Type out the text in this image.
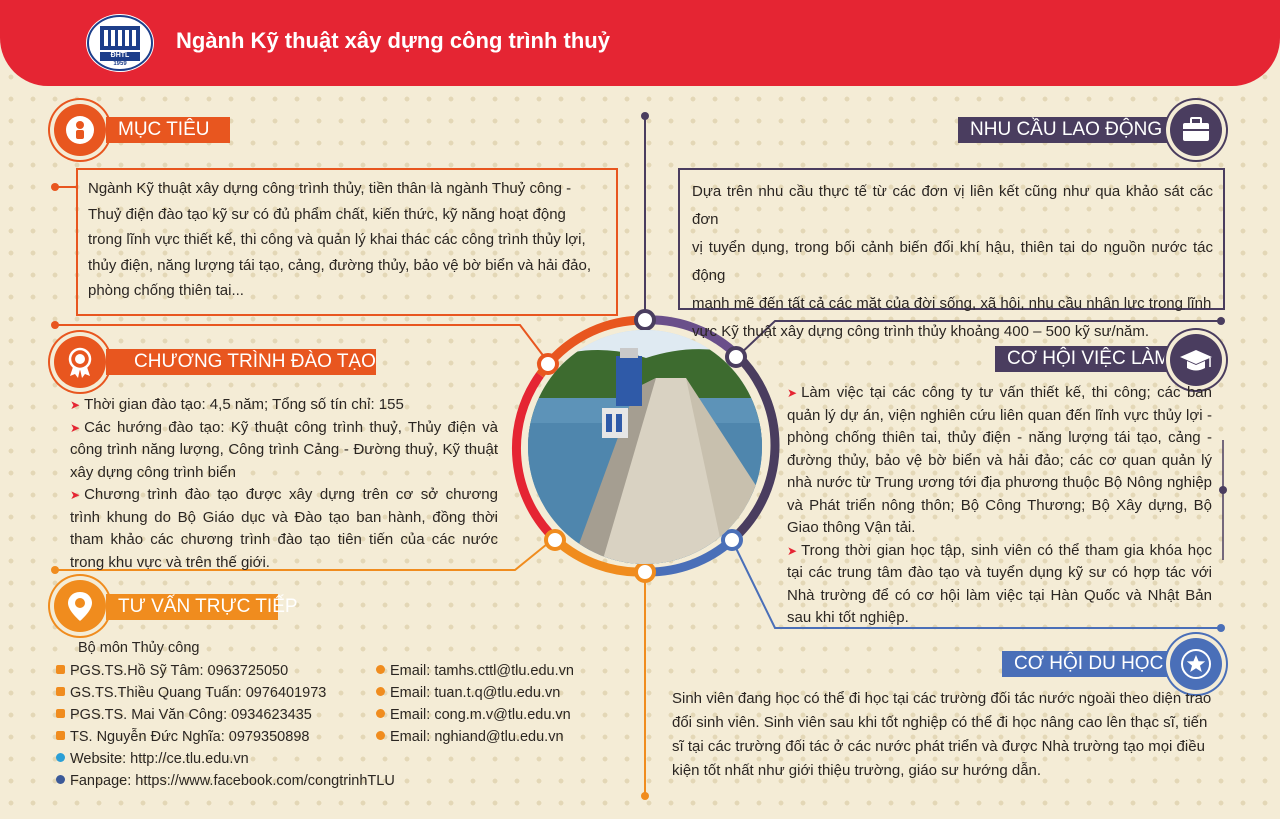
ĐHTL
1959
Ngành Kỹ thuật xây dựng công trình thuỷ
MỤC TIÊU
Ngành Kỹ thuật xây dựng công trình thủy, tiền thân là ngành Thuỷ công -
Thuỷ điện đào tạo kỹ sư có đủ phẩm chất, kiến thức, kỹ năng hoạt động
trong lĩnh vực thiết kế, thi công và quản lý khai thác các công trình thủy lợi,
thủy điện, năng lượng tái tạo, cảng, đường thủy, bảo vệ bờ biển và hải đảo,
phòng chống thiên tai...
NHU CẦU LAO ĐỘNG
Dựa trên nhu cầu thực tế từ các đơn vị liên kết cũng như qua khảo sát các đơn
vị tuyển dụng, trong bối cảnh biến đổi khí hậu, thiên tai do nguồn nước tác động
mạnh mẽ đến tất cả các mặt của đời sống, xã hội, nhu cầu nhân lực trong lĩnh
vực Kỹ thuật xây dựng công trình thủy khoảng 400 – 500 kỹ sư/năm.
CHƯƠNG TRÌNH ĐÀO TẠO
➤ Thời gian đào tạo: 4,5 năm; Tổng số tín chỉ: 155
➤ Các hướng đào tạo: Kỹ thuật công trình thuỷ, Thủy điện và công trình năng lượng, Công trình Cảng - Đường thuỷ, Kỹ thuật xây dựng công trình biển
➤ Chương trình đào tạo được xây dựng trên cơ sở chương trình khung do Bộ Giáo dục và Đào tạo ban hành, đồng thời tham khảo các chương trình đào tạo tiên tiến của các nước trong khu vực và trên thế giới.
CƠ HỘI VIỆC LÀM
➤ Làm việc tại các công ty tư vấn thiết kế, thi công; các ban quản lý dự án, viện nghiên cứu liên quan đến lĩnh vực thủy lợi - phòng chống thiên tai, thủy điện - năng lượng tái tạo, cảng - đường thủy, bảo vệ bờ biển và hải đảo; các cơ quan quản lý nhà nước từ Trung ương tới địa phương thuộc Bộ Nông nghiệp và Phát triển nông thôn; Bộ Công Thương; Bộ Xây dựng, Bộ Giao thông Vận tải.
➤ Trong thời gian học tập, sinh viên có thể tham gia khóa học tại các trung tâm đào tạo và tuyển dụng kỹ sư có hợp tác với Nhà trường để có cơ hội làm việc tại Hàn Quốc và Nhật Bản sau khi tốt nghiệp.
TƯ VẤN TRỰC TIẾP
Bộ môn Thủy công
PGS.TS.Hồ Sỹ Tâm: 0963725050
GS.TS.Thiều Quang Tuấn: 0976401973
PGS.TS. Mai Văn Công: 0934623435
TS. Nguyễn Đức Nghĩa: 0979350898
Website: http://ce.tlu.edu.vn
Fanpage: https://www.facebook.com/congtrinhTLU
Email: tamhs.cttl@tlu.edu.vn
Email: tuan.t.q@tlu.edu.vn
Email: cong.m.v@tlu.edu.vn
Email: nghiand@tlu.edu.vn
CƠ HỘI DU HỌC
Sinh viên đang học có thể đi học tại các trường đối tác nước ngoài theo diện trao
đổi sinh viên. Sinh viên sau khi tốt nghiệp có thể đi học nâng cao lên thạc sĩ, tiến
sĩ tại các trường đối tác ở các nước phát triển và được Nhà trường tạo mọi điều
kiện tốt nhất như giới thiệu trường, giáo sư hướng dẫn.
